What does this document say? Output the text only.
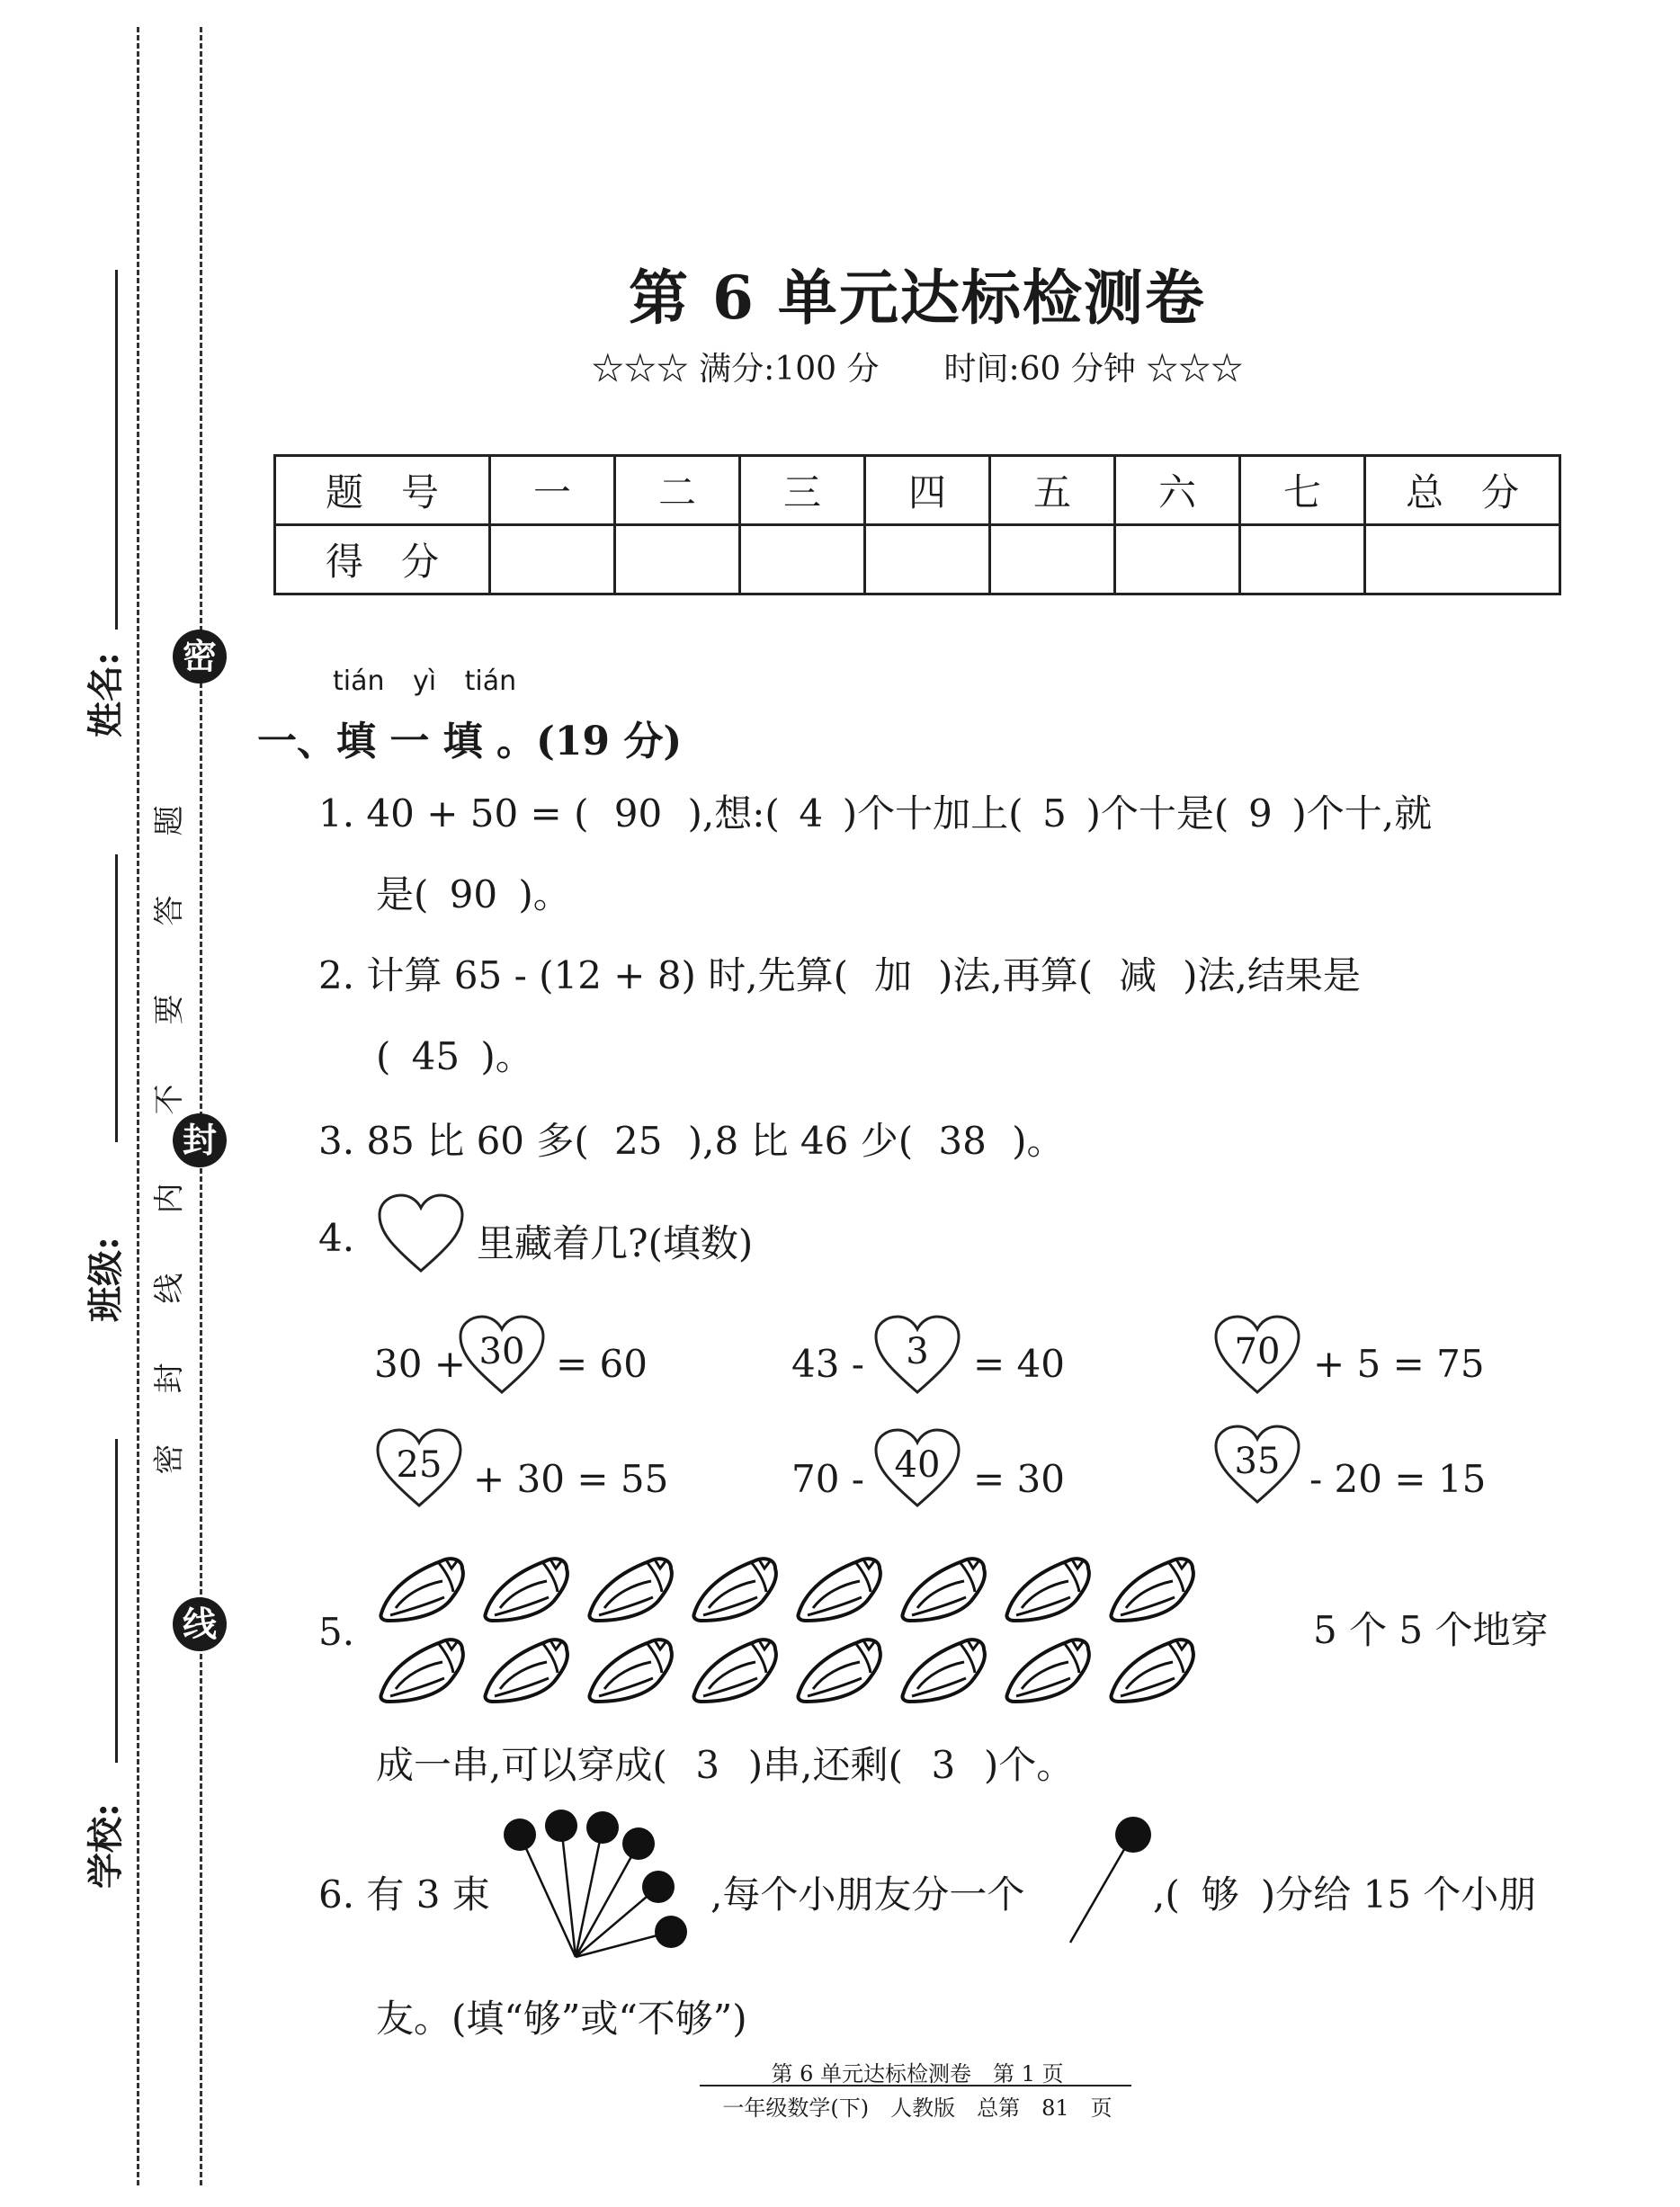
姓名:
班级:
学校:
密
封
线
密
封
线
内
不
要
答
题
第 6 单元达标检测卷
☆☆☆ 满分:100 分　　时间:60 分钟 ☆☆☆
题　号	一	二	三	四	五	六	七	总　分
得　分								
tián yì tián
一、填 一 填 。(19 分)
1. 40 + 50 = ( 90 ),想:( 4 )个十加上( 5 )个十是( 9 )个十,就
是( 90 )。
2. 计算 65 - (12 + 8) 时,先算( 加 )法,再算( 减 )法,结果是
( 45 )。
3. 85 比 60 多( 25 ),8 比 46 少( 38 )。
4.	里藏着几?(填数)
30 + 30 = 60	43 -	3	= 40	70 + 5 = 75
25 + 30 = 55	70 - 40 = 30	35 - 20 = 15
5.	5 个 5 个地穿
成一串,可以穿成( 3 )串,还剩( 3 )个。
6. 有 3 束	,每个小朋友分一个	,( 够 )分给 15 个小朋
友。(填“够”或“不够”)
第 6 单元达标检测卷　第 1 页
一年级数学(下)　人教版　总第　81　页
